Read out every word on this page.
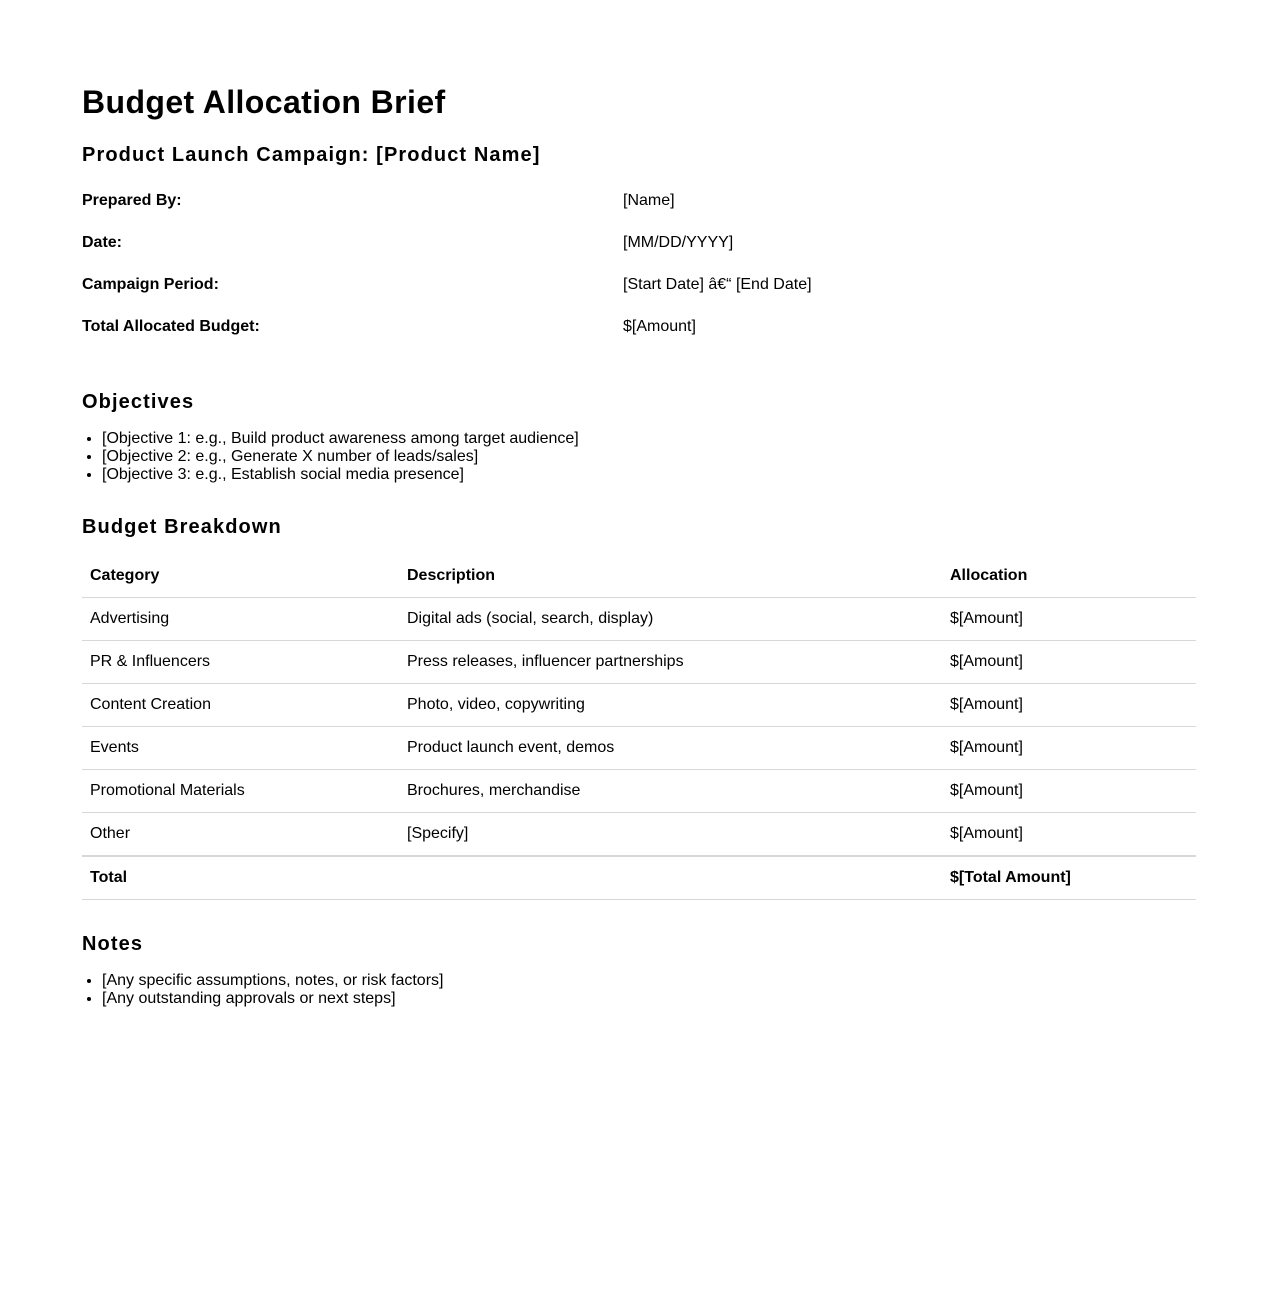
Budget Allocation Brief
Product Launch Campaign: [Product Name]
Prepared By:	[Name]
Date:	[MM/DD/YYYY]
Campaign Period:	[Start Date] â€“ [End Date]
Total Allocated Budget:	$[Amount]
Objectives
• [Objective 1: e.g., Build product awareness among target audience]
• [Objective 2: e.g., Generate X number of leads/sales]
• [Objective 3: e.g., Establish social media presence]
Budget Breakdown
Category	Description	Allocation
Advertising	Digital ads (social, search, display)	$[Amount]
PR & Influencers	Press releases, influencer partnerships	$[Amount]
Content Creation	Photo, video, copywriting	$[Amount]
Events	Product launch event, demos	$[Amount]
Promotional Materials	Brochures, merchandise	$[Amount]
Other	[Specify]	$[Amount]
Total		$[Total Amount]
Notes
• [Any specific assumptions, notes, or risk factors]
• [Any outstanding approvals or next steps]
